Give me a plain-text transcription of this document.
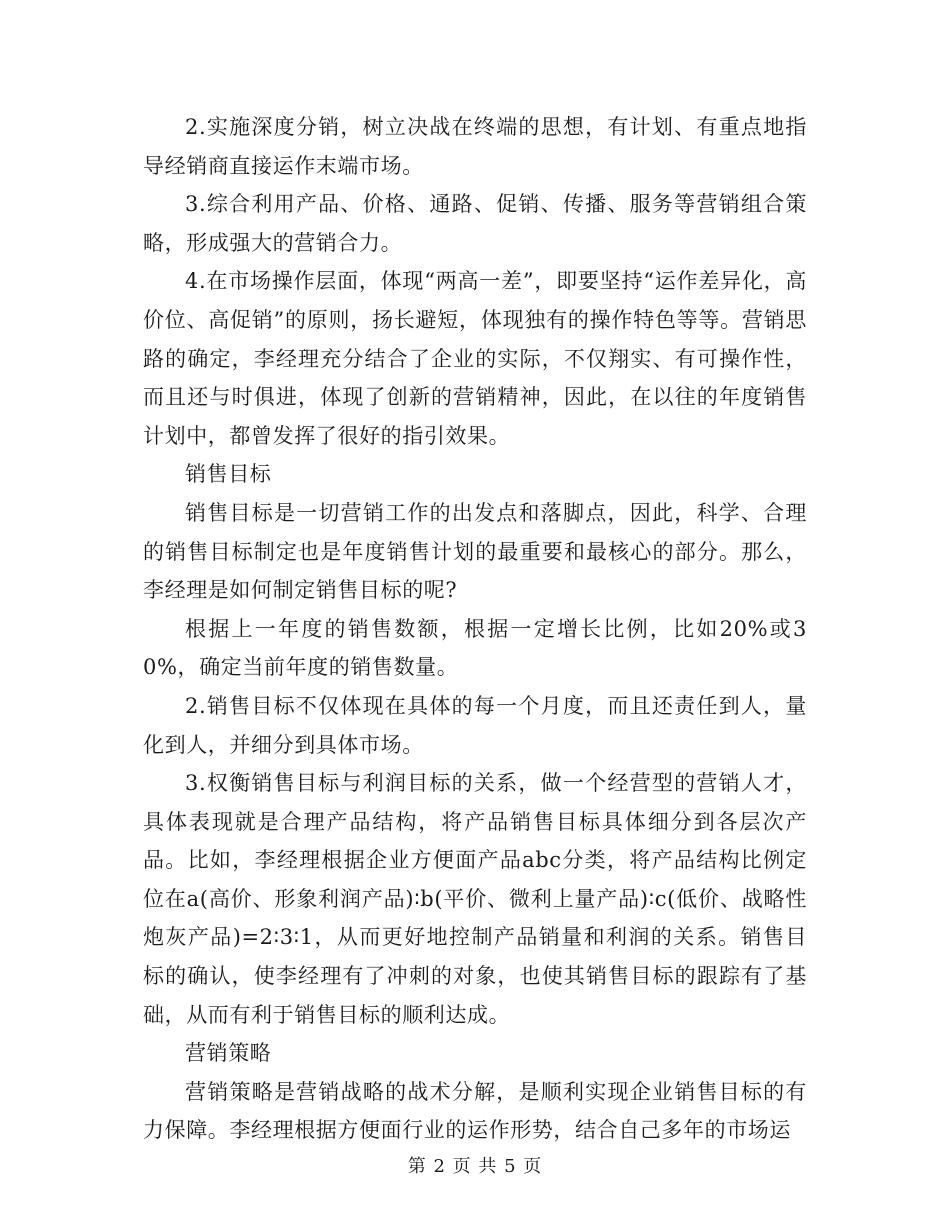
2.实施深度分销，树立决战在终端的思想，有计划、有重点地指导经销商直接运作末端市场。

3.综合利用产品、价格、通路、促销、传播、服务等营销组合策略，形成强大的营销合力。

4.在市场操作层面，体现“两高一差”，即要坚持“运作差异化，高价位、高促销”的原则，扬长避短，体现独有的操作特色等等。营销思路的确定，李经理充分结合了企业的实际，不仅翔实、有可操作性，而且还与时俱进，体现了创新的营销精神，因此，在以往的年度销售计划中，都曾发挥了很好的指引效果。

销售目标

销售目标是一切营销工作的出发点和落脚点，因此，科学、合理的销售目标制定也是年度销售计划的最重要和最核心的部分。那么，李经理是如何制定销售目标的呢?

根据上一年度的销售数额，根据一定增长比例，比如20%或30%，确定当前年度的销售数量。

2.销售目标不仅体现在具体的每一个月度，而且还责任到人，量化到人，并细分到具体市场。

3.权衡销售目标与利润目标的关系，做一个经营型的营销人才，具体表现就是合理产品结构，将产品销售目标具体细分到各层次产品。比如，李经理根据企业方便面产品abc分类，将产品结构比例定位在a(高价、形象利润产品)∶b(平价、微利上量产品)∶c(低价、战略性炮灰产品)=2∶3∶1，从而更好地控制产品销量和利润的关系。销售目标的确认，使李经理有了冲刺的对象，也使其销售目标的跟踪有了基础，从而有利于销售目标的顺利达成。

营销策略

营销策略是营销战略的战术分解，是顺利实现企业销售目标的有力保障。李经理根据方便面行业的运作形势，结合自己多年的市场运

第 2 页 共 5 页
